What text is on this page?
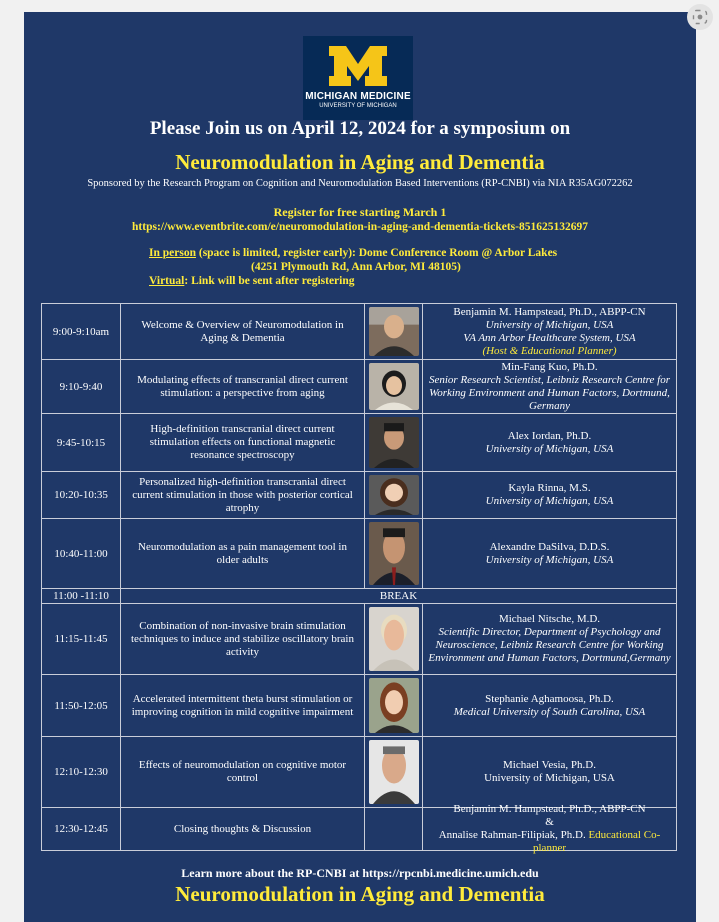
MICHIGAN MEDICINE
UNIVERSITY OF MICHIGAN
Please Join us on April 12, 2024 for a symposium on
Neuromodulation in Aging and Dementia
Sponsored by the Research Program on Cognition and Neuromodulation Based Interventions (RP-CNBI) via NIA R35AG072262
Register for free starting March 1
https://www.eventbrite.com/e/neuromodulation-in-aging-and-dementia-tickets-851625132697
In person (space is limited, register early): Dome Conference Room @ Arbor Lakes
(4251 Plymouth Rd, Ann Arbor, MI 48105)
Virtual: Link will be sent after registering
9:00-9:10am
Welcome & Overview of Neuromodulation in Aging & Dementia
Benjamin M. Hampstead, Ph.D., ABPP-CN
University of Michigan, USA
VA Ann Arbor Healthcare System, USA
(Host & Educational Planner)
9:10-9:40
Modulating effects of transcranial direct current stimulation: a perspective from aging
Min-Fang Kuo, Ph.D.
Senior Research Scientist, Leibniz Research Centre for Working Environment and Human Factors, Dortmund, Germany
9:45-10:15
High-definition transcranial direct current stimulation effects on functional magnetic resonance spectroscopy
Alex Iordan, Ph.D.
University of Michigan, USA
10:20-10:35
Personalized high-definition transcranial direct current stimulation in those with posterior cortical atrophy
Kayla Rinna, M.S.
University of Michigan, USA
10:40-11:00
Neuromodulation as a pain management tool in older adults
Alexandre DaSilva, D.D.S.
University of Michigan, USA
11:00 -11:10	BREAK
11:15-11:45
Combination of non-invasive brain stimulation techniques to induce and stabilize oscillatory brain activity
Michael Nitsche, M.D.
Scientific Director, Department of Psychology and Neuroscience, Leibniz Research Centre for Working Environment and Human Factors, Dortmund,Germany
11:50-12:05
Accelerated intermittent theta burst stimulation or improving cognition in mild cognitive impairment
Stephanie Aghamoosa, Ph.D.
Medical University of South Carolina, USA
12:10-12:30
Effects of neuromodulation on cognitive motor control
Michael Vesia, Ph.D.
University of Michigan, USA
12:30-12:45	Closing thoughts & Discussion
Benjamin M. Hampstead, Ph.D., ABPP-CN
&
Annalise Rahman-Filipiak, Ph.D. Educational Co-planner
Learn more about the RP-CNBI at https://rpcnbi.medicine.umich.edu
Neuromodulation in Aging and Dementia
